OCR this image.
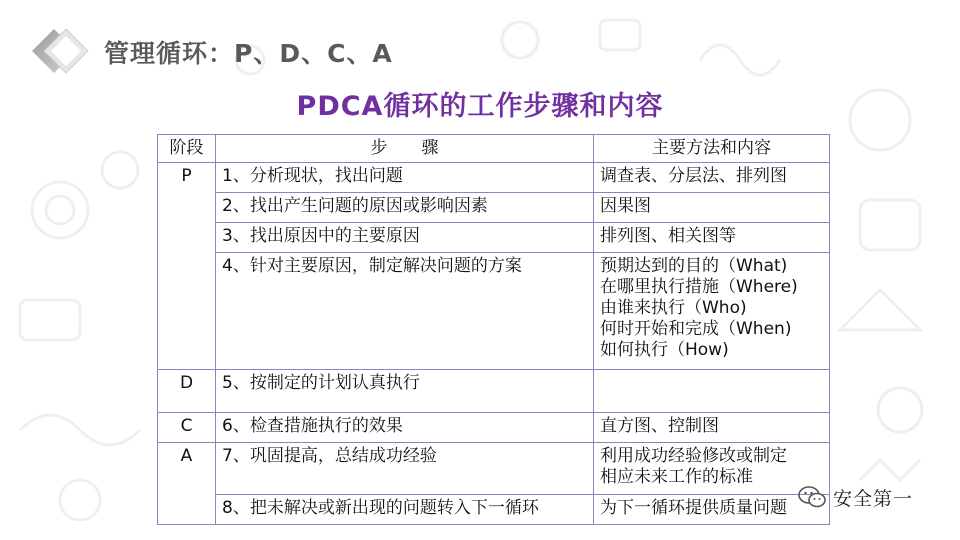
管理循环：P、D、C、A
PDCA循环的工作步骤和内容
阶段	步　　骤	主要方法和内容
P	1、分析现状，找出问题	调查表、分层法、排列图

	2、找出产生问题的原因或影响因素	因果图

	3、找出原因中的主要原因	排列图、相关图等

	4、针对主要原因，制定解决问题的方案	预期达到的目的（What)
在哪里执行措施（Where)
由谁来执行（Who)
何时开始和完成（When)
如何执行（How)

D	5、按制定的计划认真执行	
C	6、检查措施执行的效果	直方图、控制图

A	7、巩固提高，总结成功经验	利用成功经验修改或制定
相应未来工作的标准

	8、把未解决或新出现的问题转入下一循环	为下一循环提供质量问题	安全第一
